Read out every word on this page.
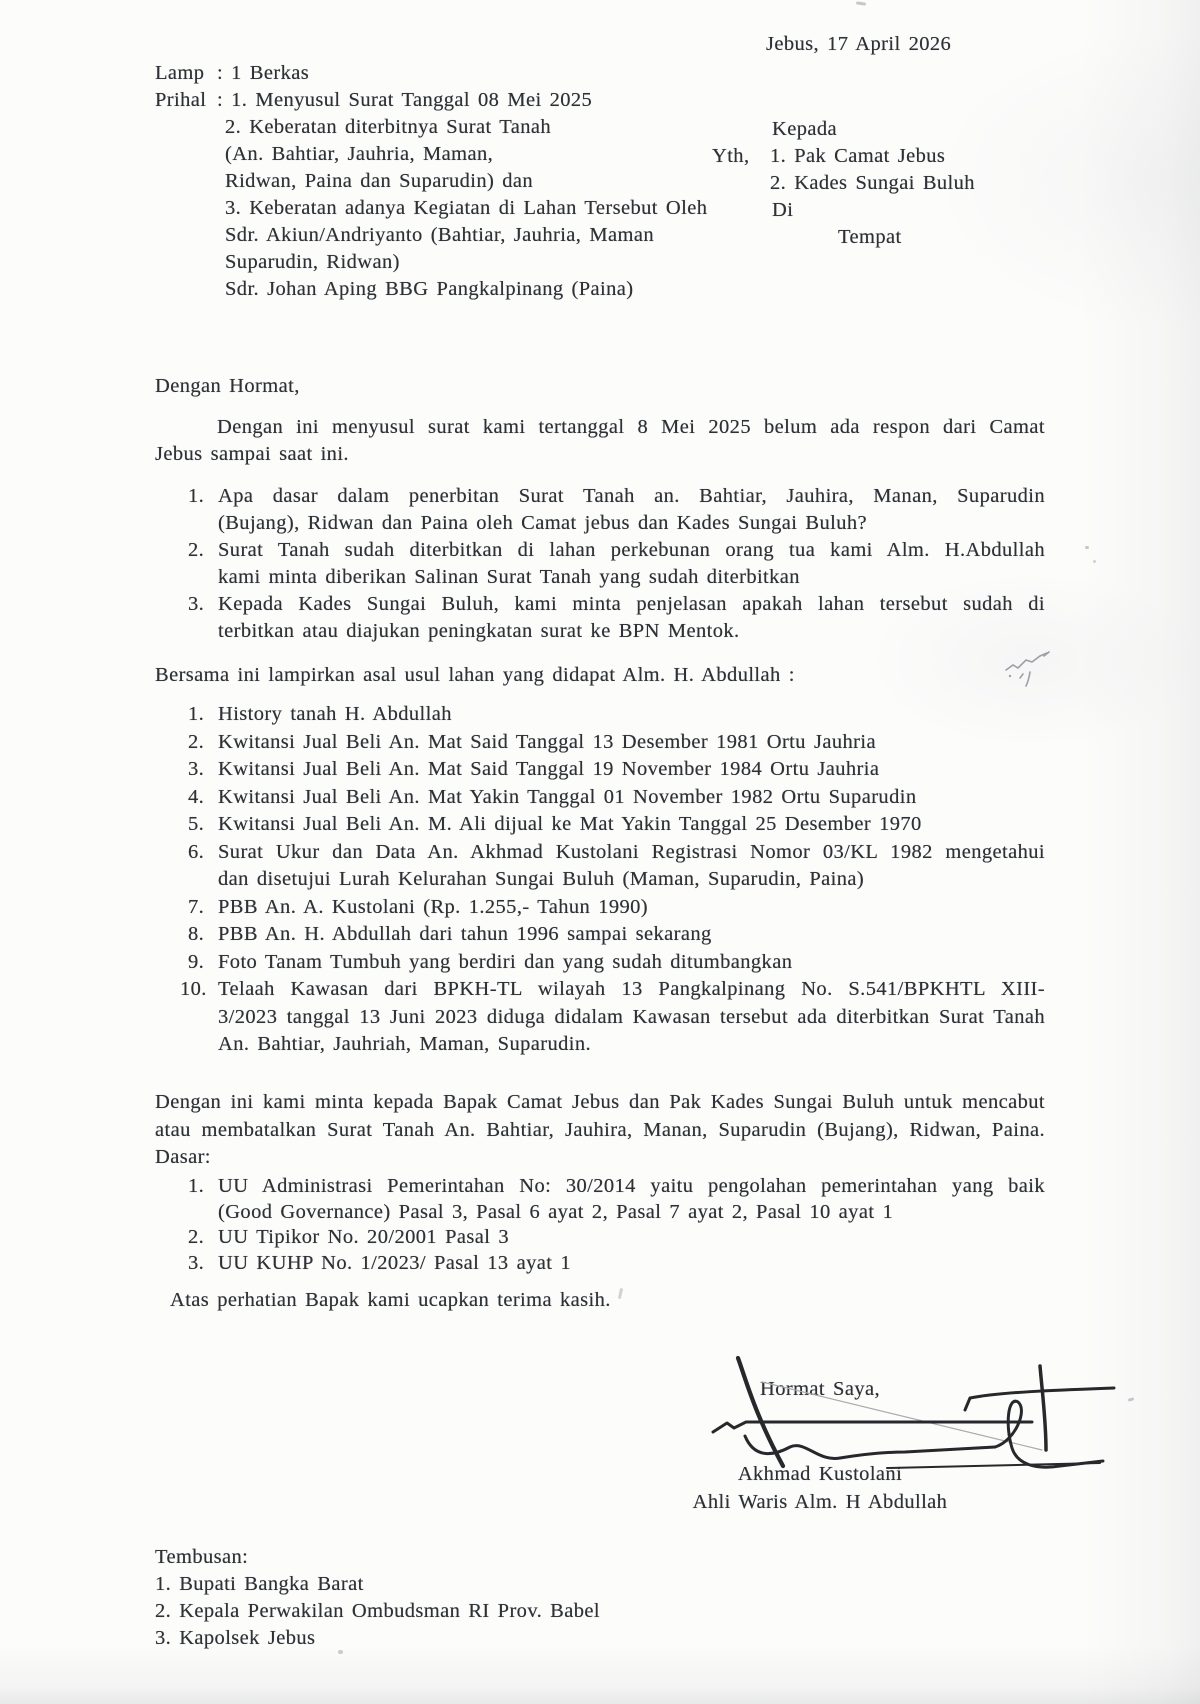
Jebus, 17 April 2026
Lamp : 1 Berkas
Prihal : 1. Menyusul Surat Tanggal 08 Mei 2025
2. Keberatan diterbitnya Surat Tanah
(An. Bahtiar, Jauhria, Maman,
Ridwan, Paina dan Suparudin) dan
3. Keberatan adanya Kegiatan di Lahan Tersebut Oleh
Sdr. Akiun/Andriyanto (Bahtiar, Jauhria, Maman
Suparudin, Ridwan)
Sdr. Johan Aping BBG Pangkalpinang (Paina)
Kepada
Yth, 1. Pak Camat Jebus
2. Kades Sungai Buluh
Di
Tempat
Dengan Hormat,
Dengan ini menyusul surat kami tertanggal 8 Mei 2025 belum ada respon dari Camat
Jebus sampai saat ini.
1. Apa dasar dalam penerbitan Surat Tanah an. Bahtiar, Jauhira, Manan, Suparudin
(Bujang), Ridwan dan Paina oleh Camat jebus dan Kades Sungai Buluh?
2. Surat Tanah sudah diterbitkan di lahan perkebunan orang tua kami Alm. H.Abdullah
kami minta diberikan Salinan Surat Tanah yang sudah diterbitkan
3. Kepada Kades Sungai Buluh, kami minta penjelasan apakah lahan tersebut sudah di
terbitkan atau diajukan peningkatan surat ke BPN Mentok.
Bersama ini lampirkan asal usul lahan yang didapat Alm. H. Abdullah :
1. History tanah H. Abdullah
2. Kwitansi Jual Beli An. Mat Said Tanggal 13 Desember 1981 Ortu Jauhria
3. Kwitansi Jual Beli An. Mat Said Tanggal 19 November 1984 Ortu Jauhria
4. Kwitansi Jual Beli An. Mat Yakin Tanggal 01 November 1982 Ortu Suparudin
5. Kwitansi Jual Beli An. M. Ali dijual ke Mat Yakin Tanggal 25 Desember 1970
6. Surat Ukur dan Data An. Akhmad Kustolani Registrasi Nomor 03/KL 1982 mengetahui
dan disetujui Lurah Kelurahan Sungai Buluh (Maman, Suparudin, Paina)
7. PBB An. A. Kustolani (Rp. 1.255,- Tahun 1990)
8. PBB An. H. Abdullah dari tahun 1996 sampai sekarang
9. Foto Tanam Tumbuh yang berdiri dan yang sudah ditumbangkan
10. Telaah Kawasan dari BPKH-TL wilayah 13 Pangkalpinang No. S.541/BPKHTL XIII-
3/2023 tanggal 13 Juni 2023 diduga didalam Kawasan tersebut ada diterbitkan Surat Tanah
An. Bahtiar, Jauhriah, Maman, Suparudin.
Dengan ini kami minta kepada Bapak Camat Jebus dan Pak Kades Sungai Buluh untuk mencabut
atau membatalkan Surat Tanah An. Bahtiar, Jauhira, Manan, Suparudin (Bujang), Ridwan, Paina.
Dasar:
1. UU Administrasi Pemerintahan No: 30/2014 yaitu pengolahan pemerintahan yang baik
(Good Governance) Pasal 3, Pasal 6 ayat 2, Pasal 7 ayat 2, Pasal 10 ayat 1
2. UU Tipikor No. 20/2001 Pasal 3
3. UU KUHP No. 1/2023/ Pasal 13 ayat 1
Atas perhatian Bapak kami ucapkan terima kasih.
Hormat Saya,
Akhmad Kustolani
Ahli Waris Alm. H Abdullah
Tembusan:
1. Bupati Bangka Barat
2. Kepala Perwakilan Ombudsman RI Prov. Babel
3. Kapolsek Jebus
